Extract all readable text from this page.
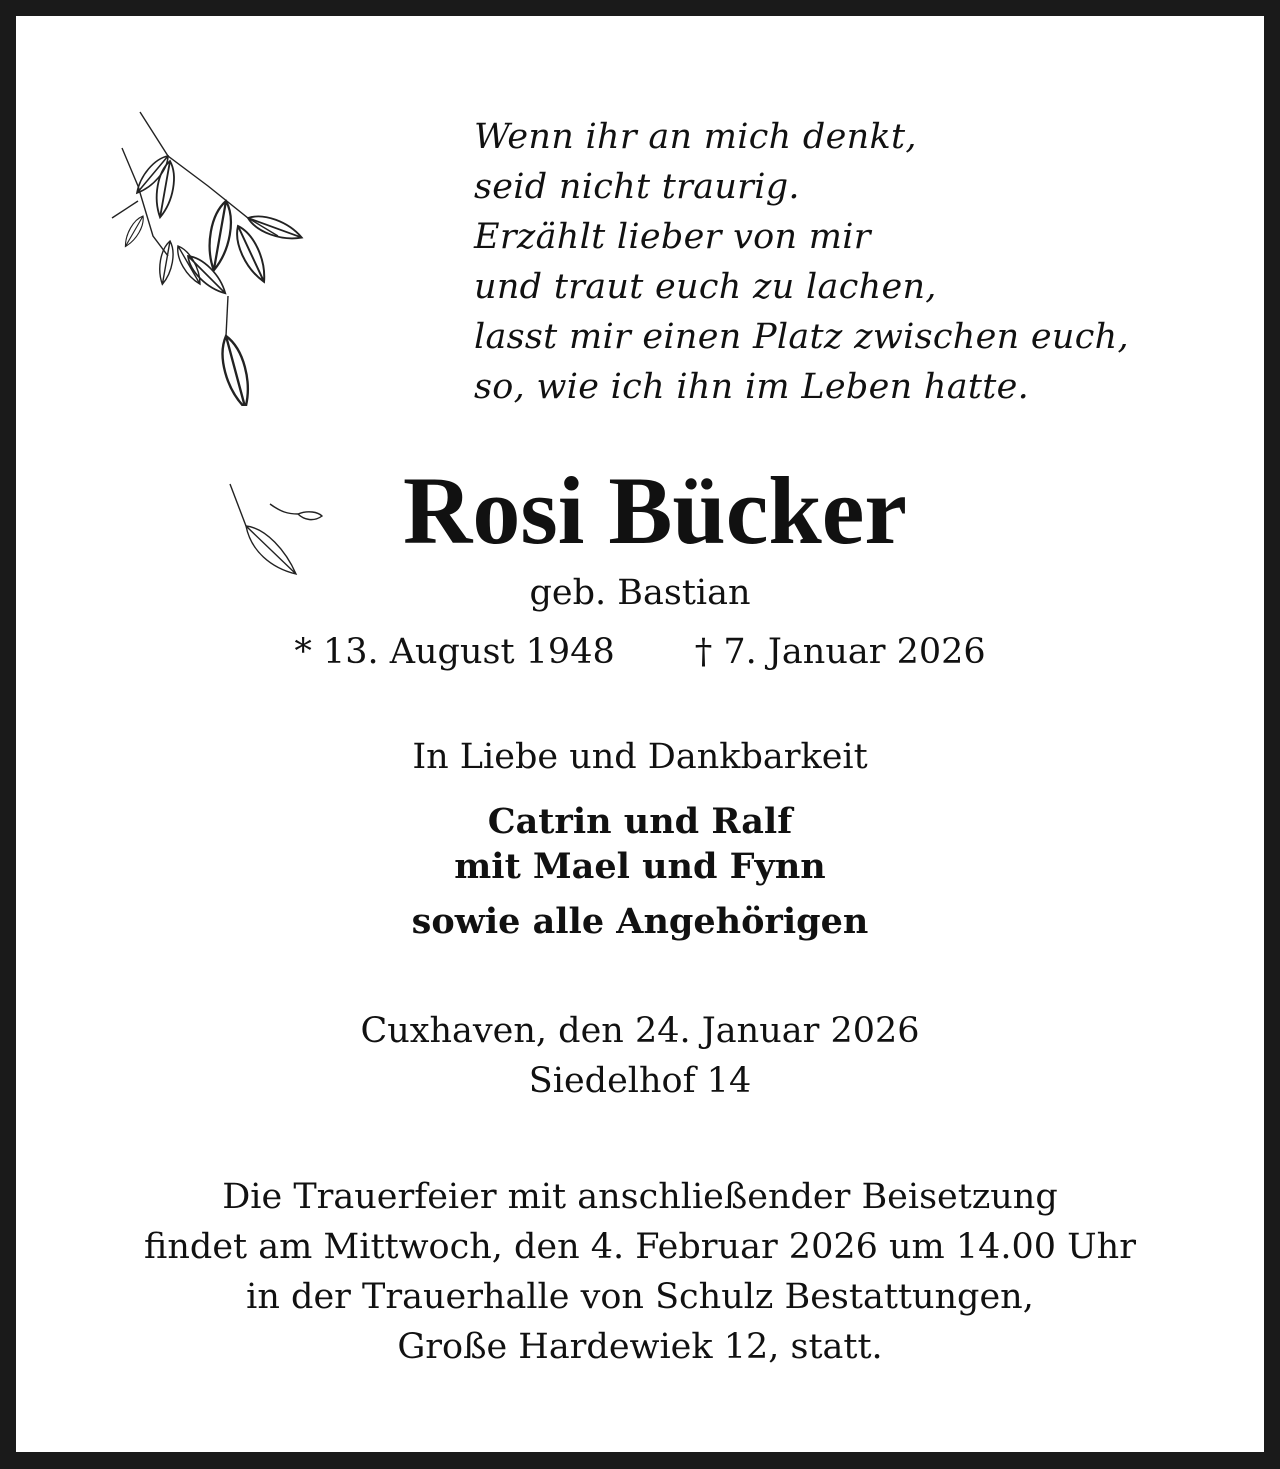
Wenn ihr an mich denkt,
seid nicht traurig.
Erzählt lieber von mir
und traut euch zu lachen,
lasst mir einen Platz zwischen euch,
so, wie ich ihn im Leben hatte.
Rosi Bücker
geb. Bastian
* 13. August 1948 † 7. Januar 2026
In Liebe und Dankbarkeit
Catrin und Ralf
mit Mael und Fynn
sowie alle Angehörigen
Cuxhaven, den 24. Januar 2026
Siedelhof 14
Die Trauerfeier mit anschließender Beisetzung
findet am Mittwoch, den 4. Februar 2026 um 14.00 Uhr
in der Trauerhalle von Schulz Bestattungen,
Große Hardewiek 12, statt.
